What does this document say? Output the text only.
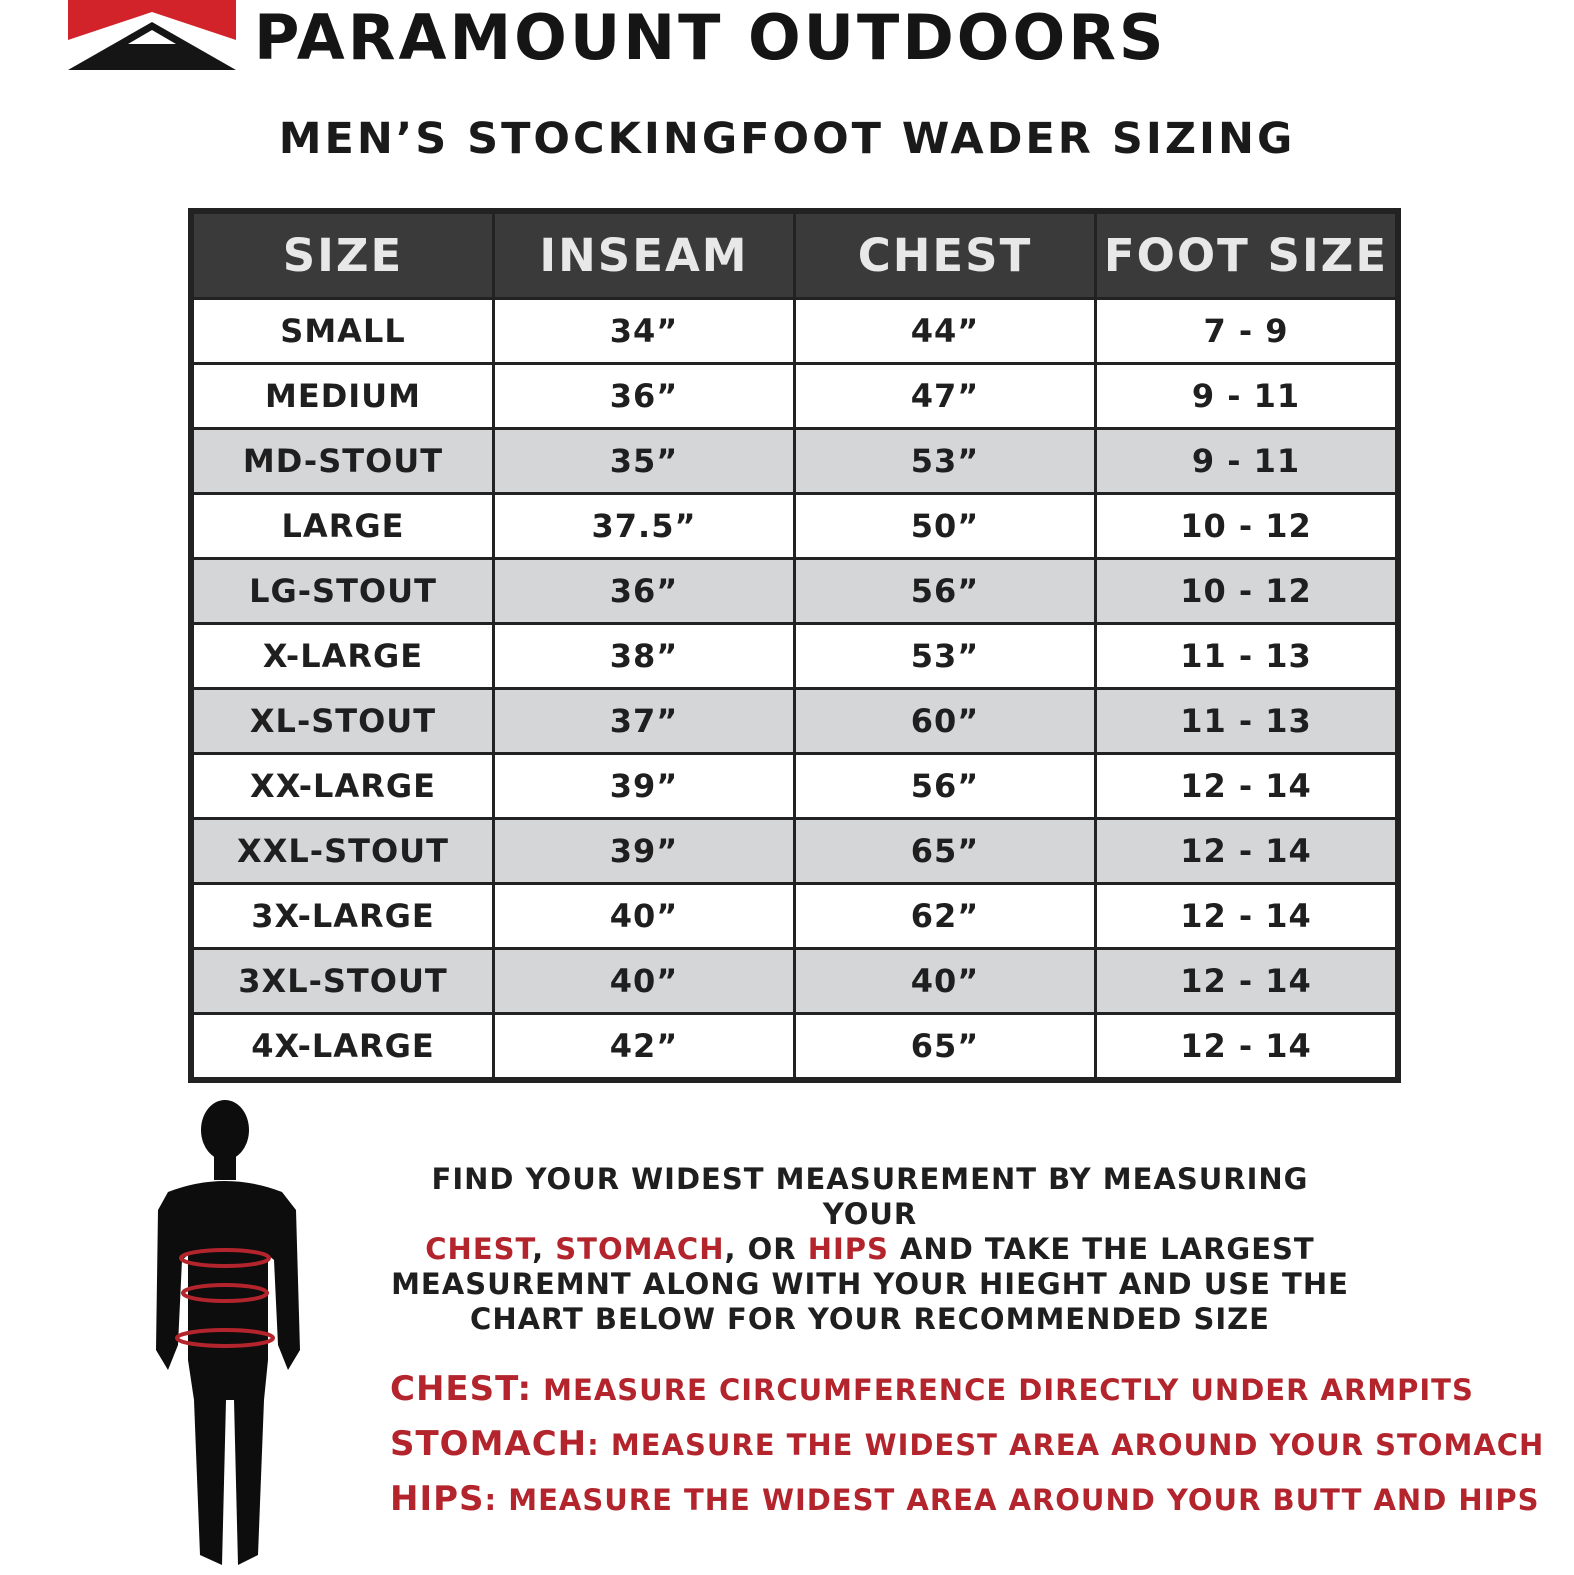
PARAMOUNT OUTDOORS
MEN’S STOCKINGFOOT WADER SIZING
SIZE	INSEAM	CHEST	FOOT SIZE
SMALL	34”	44”	7 - 9
MEDIUM	36”	47”	9 - 11
MD-STOUT	35”	53”	9 - 11
LARGE	37.5”	50”	10 - 12
LG-STOUT	36”	56”	10 - 12
X-LARGE	38”	53”	11 - 13
XL-STOUT	37”	60”	11 - 13
XX-LARGE	39”	56”	12 - 14
XXL-STOUT	39”	65”	12 - 14
3X-LARGE	40”	62”	12 - 14
3XL-STOUT	40”	40”	12 - 14
4X-LARGE	42”	65”	12 - 14
FIND YOUR WIDEST MEASUREMENT BY MEASURING YOUR
CHEST, STOMACH, OR HIPS AND TAKE THE LARGEST
MEASUREMNT ALONG WITH YOUR HIEGHT AND USE THE
CHART BELOW FOR YOUR RECOMMENDED SIZE
CHEST: MEASURE CIRCUMFERENCE DIRECTLY UNDER ARMPITS
STOMACH: MEASURE THE WIDEST AREA AROUND YOUR STOMACH
HIPS: MEASURE THE WIDEST AREA AROUND YOUR BUTT AND HIPS
